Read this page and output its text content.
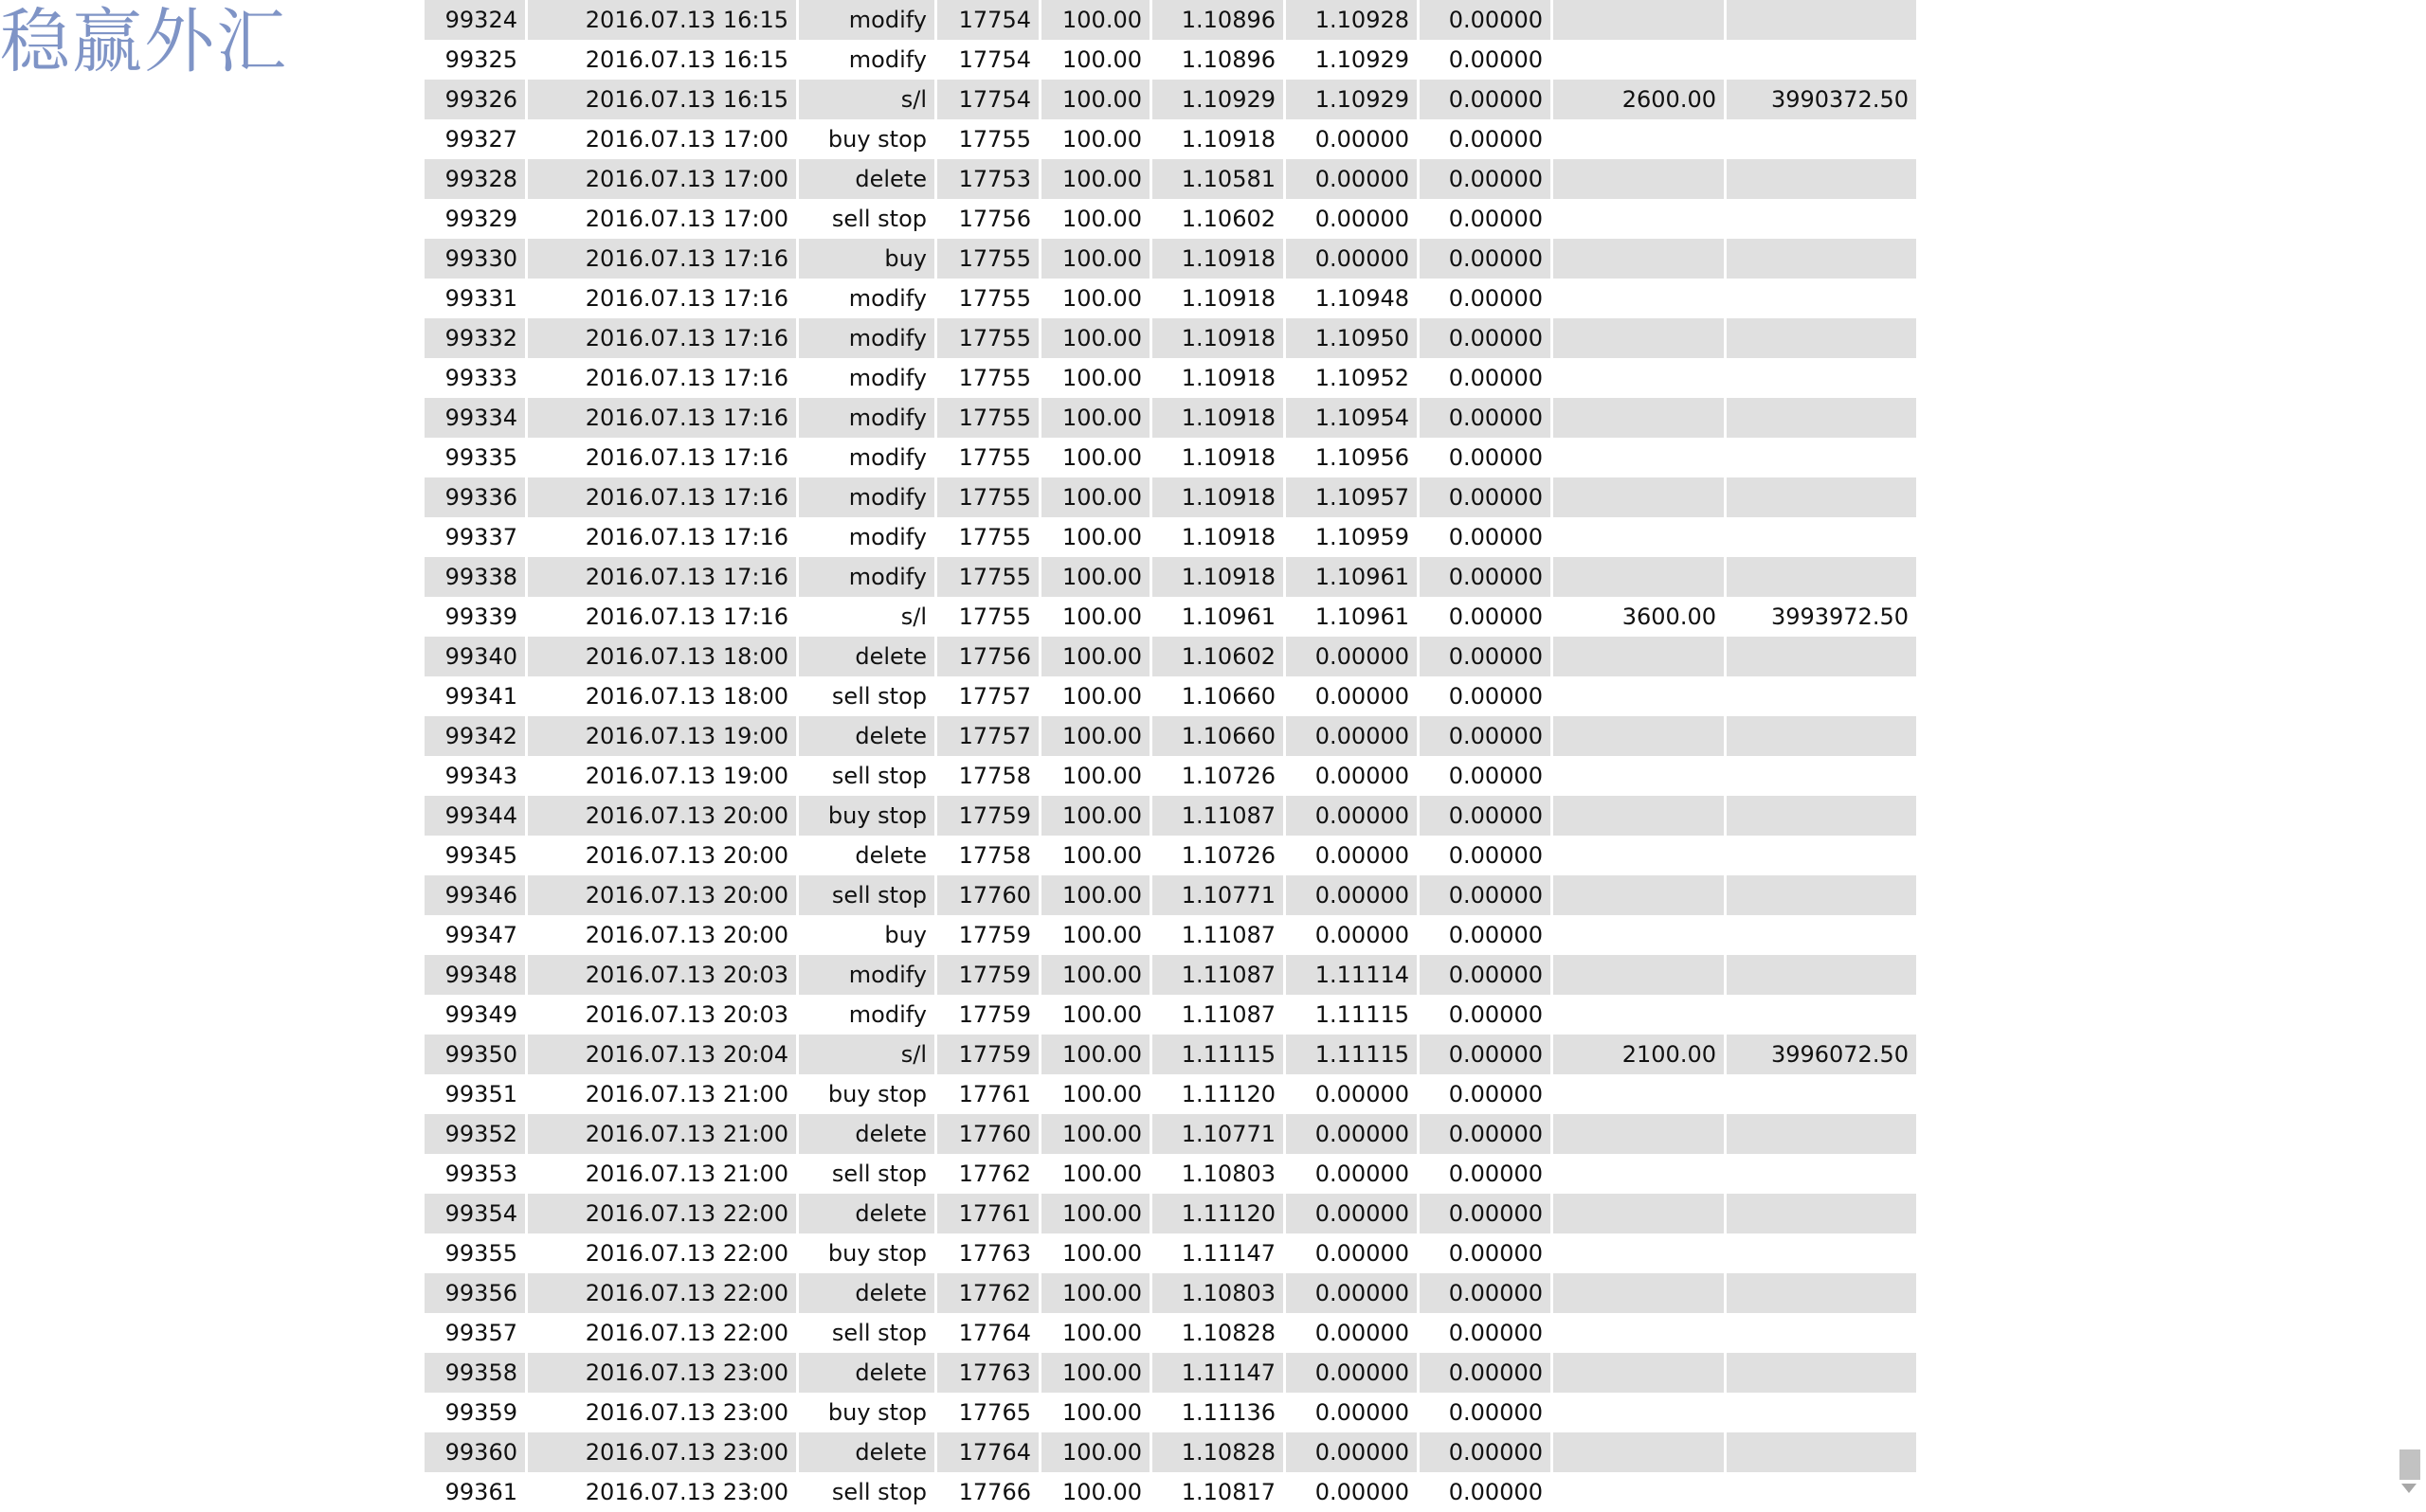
稳赢外汇	99324	2016.07.13 16:15	modify	17754	100.00	1.10896	1.10928	0.00000		
99325	2016.07.13 16:15	modify	17754	100.00	1.10896	1.10929	0.00000		
99326	2016.07.13 16:15	s/l	17754	100.00	1.10929	1.10929	0.00000	2600.00	3990372.50
99327	2016.07.13 17:00	buy stop	17755	100.00	1.10918	0.00000	0.00000		
99328	2016.07.13 17:00	delete	17753	100.00	1.10581	0.00000	0.00000		
99329	2016.07.13 17:00	sell stop	17756	100.00	1.10602	0.00000	0.00000		
99330	2016.07.13 17:16	buy	17755	100.00	1.10918	0.00000	0.00000		
99331	2016.07.13 17:16	modify	17755	100.00	1.10918	1.10948	0.00000		
99332	2016.07.13 17:16	modify	17755	100.00	1.10918	1.10950	0.00000		
99333	2016.07.13 17:16	modify	17755	100.00	1.10918	1.10952	0.00000		
99334	2016.07.13 17:16	modify	17755	100.00	1.10918	1.10954	0.00000		
99335	2016.07.13 17:16	modify	17755	100.00	1.10918	1.10956	0.00000		
99336	2016.07.13 17:16	modify	17755	100.00	1.10918	1.10957	0.00000		
99337	2016.07.13 17:16	modify	17755	100.00	1.10918	1.10959	0.00000		
99338	2016.07.13 17:16	modify	17755	100.00	1.10918	1.10961	0.00000		
99339	2016.07.13 17:16	s/l	17755	100.00	1.10961	1.10961	0.00000	3600.00	3993972.50
99340	2016.07.13 18:00	delete	17756	100.00	1.10602	0.00000	0.00000		
99341	2016.07.13 18:00	sell stop	17757	100.00	1.10660	0.00000	0.00000		
99342	2016.07.13 19:00	delete	17757	100.00	1.10660	0.00000	0.00000		
99343	2016.07.13 19:00	sell stop	17758	100.00	1.10726	0.00000	0.00000		
99344	2016.07.13 20:00	buy stop	17759	100.00	1.11087	0.00000	0.00000		
99345	2016.07.13 20:00	delete	17758	100.00	1.10726	0.00000	0.00000		
99346	2016.07.13 20:00	sell stop	17760	100.00	1.10771	0.00000	0.00000		
99347	2016.07.13 20:00	buy	17759	100.00	1.11087	0.00000	0.00000		
99348	2016.07.13 20:03	modify	17759	100.00	1.11087	1.11114	0.00000		
99349	2016.07.13 20:03	modify	17759	100.00	1.11087	1.11115	0.00000		
99350	2016.07.13 20:04	s/l	17759	100.00	1.11115	1.11115	0.00000	2100.00	3996072.50
99351	2016.07.13 21:00	buy stop	17761	100.00	1.11120	0.00000	0.00000		
99352	2016.07.13 21:00	delete	17760	100.00	1.10771	0.00000	0.00000		
99353	2016.07.13 21:00	sell stop	17762	100.00	1.10803	0.00000	0.00000		
99354	2016.07.13 22:00	delete	17761	100.00	1.11120	0.00000	0.00000		
99355	2016.07.13 22:00	buy stop	17763	100.00	1.11147	0.00000	0.00000		
99356	2016.07.13 22:00	delete	17762	100.00	1.10803	0.00000	0.00000		
99357	2016.07.13 22:00	sell stop	17764	100.00	1.10828	0.00000	0.00000		
99358	2016.07.13 23:00	delete	17763	100.00	1.11147	0.00000	0.00000		
99359	2016.07.13 23:00	buy stop	17765	100.00	1.11136	0.00000	0.00000		
99360	2016.07.13 23:00	delete	17764	100.00	1.10828	0.00000	0.00000		
99361	2016.07.13 23:00	sell stop	17766	100.00	1.10817	0.00000	0.00000		
